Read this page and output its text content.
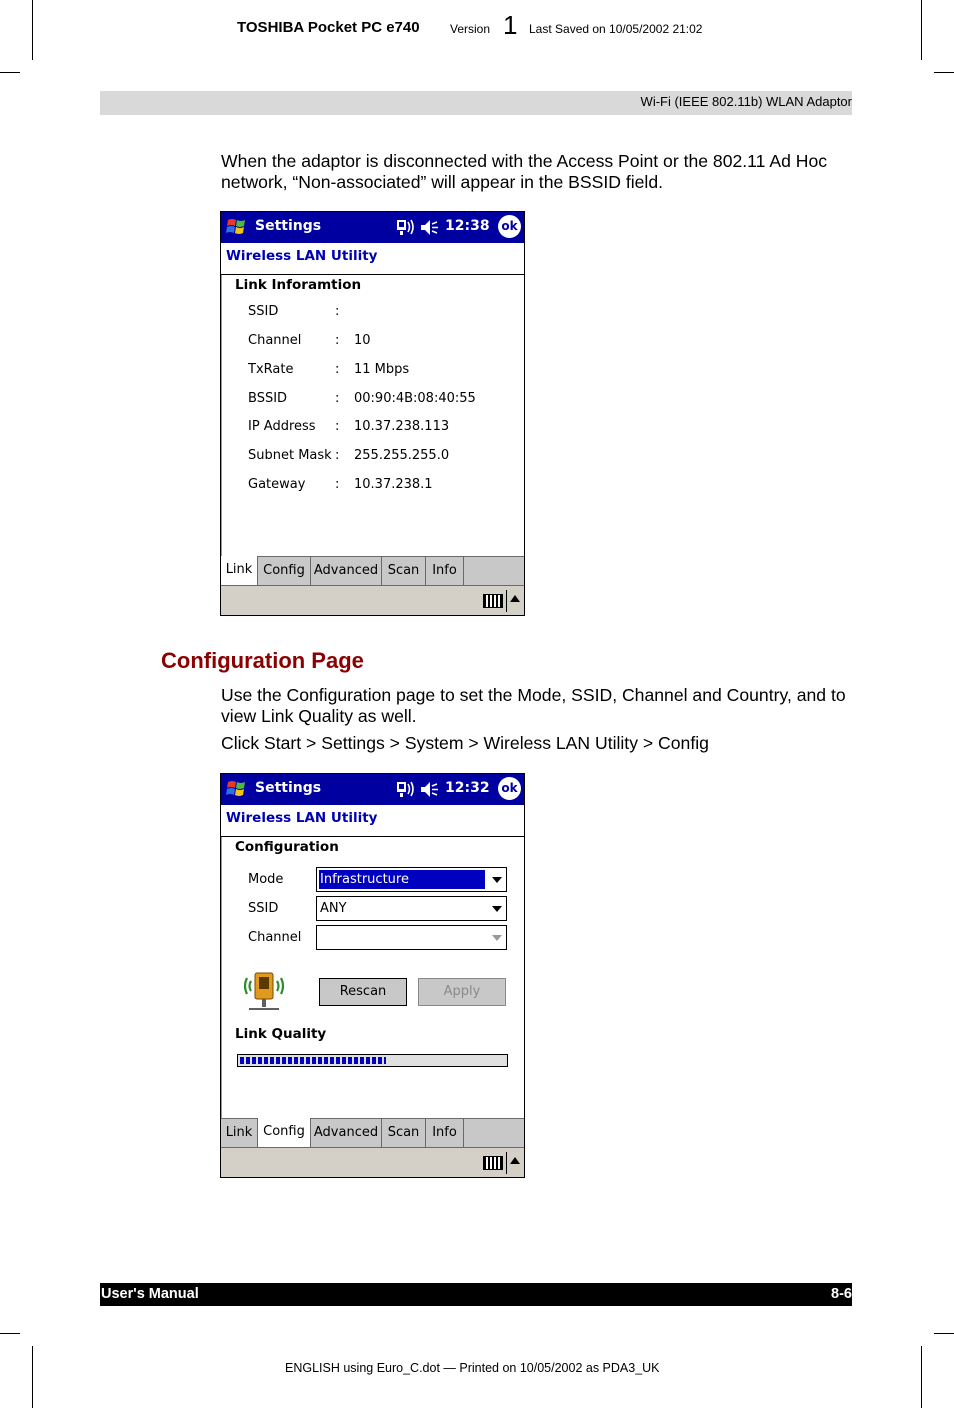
TOSHIBA Pocket PC e740	Version 1 Last Saved on 10/05/2002 21:02
Wi-Fi (IEEE 802.11b) WLAN Adaptor
When the adaptor is disconnected with the Access Point or the 802.11 Ad Hoc network, “Non-associated” will appear in the BSSID field.
Settings	12:38 ok
Wireless LAN Utility
Link Inforamtion
SSID	:
Channel	: 10
TxRate	: 11 Mbps
BSSID	: 00:90:4B:08:40:55
IP Address : 10.37.238.113
Subnet Mask : 255.255.255.0
Gateway : 10.37.238.1
Link Config Advanced Scan Info
Configuration Page
Use the Configuration page to set the Mode, SSID, Channel and Country, and to view Link Quality as well.
Click Start > Settings > System > Wireless LAN Utility > Config
Settings	12:32 ok
Wireless LAN Utility
Configuration
Mode	Infrastructure
SSID	ANY
Channel
Rescan	Apply
Link Quality
Link Config Advanced Scan Info
User's Manual	8-6
ENGLISH using Euro_C.dot — Printed on 10/05/2002 as PDA3_UK
